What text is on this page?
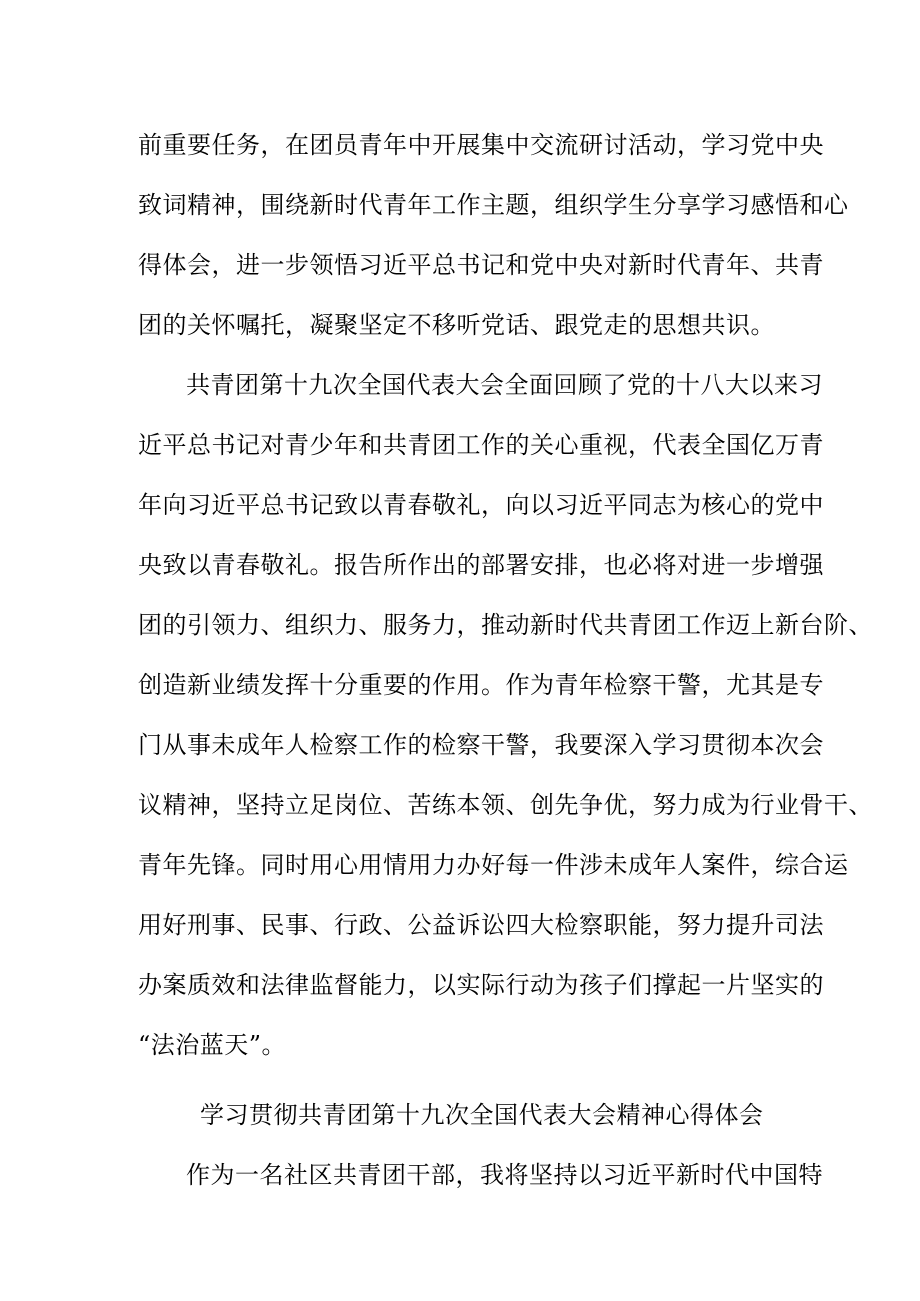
前重要任务，在团员青年中开展集中交流研讨活动，学习党中央
致词精神，围绕新时代青年工作主题，组织学生分享学习感悟和心
得体会，进一步领悟习近平总书记和党中央对新时代青年、共青
团的关怀嘱托，凝聚坚定不移听党话、跟党走的思想共识。
共青团第十九次全国代表大会全面回顾了党的十八大以来习
近平总书记对青少年和共青团工作的关心重视，代表全国亿万青
年向习近平总书记致以青春敬礼，向以习近平同志为核心的党中
央致以青春敬礼。报告所作出的部署安排，也必将对进一步增强
团的引领力、组织力、服务力，推动新时代共青团工作迈上新台阶、
创造新业绩发挥十分重要的作用。作为青年检察干警，尤其是专
门从事未成年人检察工作的检察干警，我要深入学习贯彻本次会
议精神，坚持立足岗位、苦练本领、创先争优，努力成为行业骨干、
青年先锋。同时用心用情用力办好每一件涉未成年人案件，综合运
用好刑事、民事、行政、公益诉讼四大检察职能，努力提升司法
办案质效和法律监督能力，以实际行动为孩子们撑起一片坚实的
“法治蓝天”。
学习贯彻共青团第十九次全国代表大会精神心得体会
作为一名社区共青团干部，我将坚持以习近平新时代中国特
